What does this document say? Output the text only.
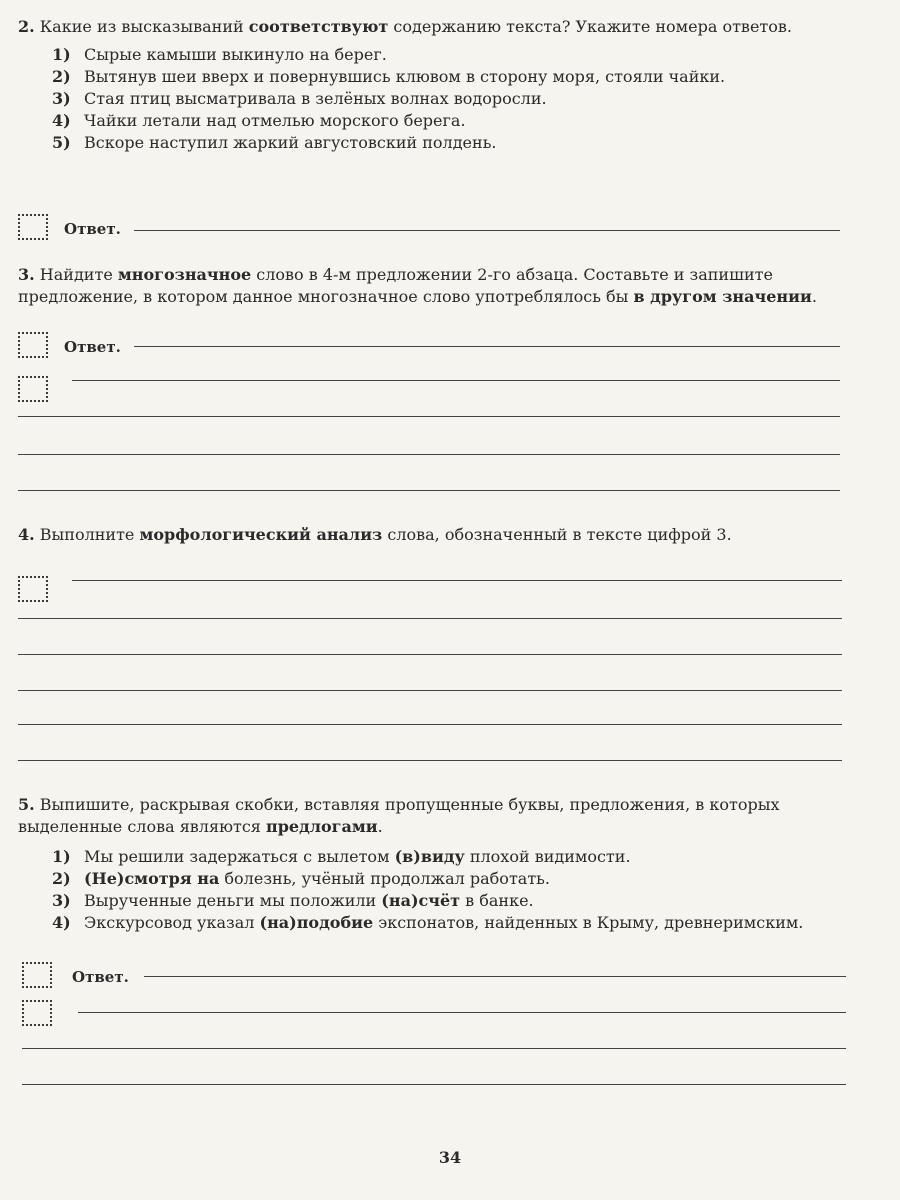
2. Какие из высказываний соответствуют содержанию текста? Укажите номера ответов.

1) Сырые камыши выкинуло на берег.
2) Вытянув шеи вверх и повернувшись клювом в сторону моря, стояли чайки.
3) Стая птиц высматривала в зелёных волнах водоросли.
4) Чайки летали над отмелью морского берега.
5) Вскоре наступил жаркий августовский полдень.
Ответ.

3. Найдите многозначное слово в 4-м предложении 2-го абзаца. Составьте и запишите предложение, в котором данное многозначное слово употреблялось бы в другом значении.

Ответ.

4. Выполните морфологический анализ слова, обозначенный в тексте цифрой 3.

5. Выпишите, раскрывая скобки, вставляя пропущенные буквы, предложения, в которых выделенные слова являются предлогами.

1) Мы решили задержаться с вылетом (в)виду плохой видимости.
2) (Не)смотря на болезнь, учёный продолжал работать.
3) Вырученные деньги мы положили (на)счёт в банке.
4) Экскурсовод указал (на)подобие экспонатов, найденных в Крыму, древнеримским.
Ответ.
34
